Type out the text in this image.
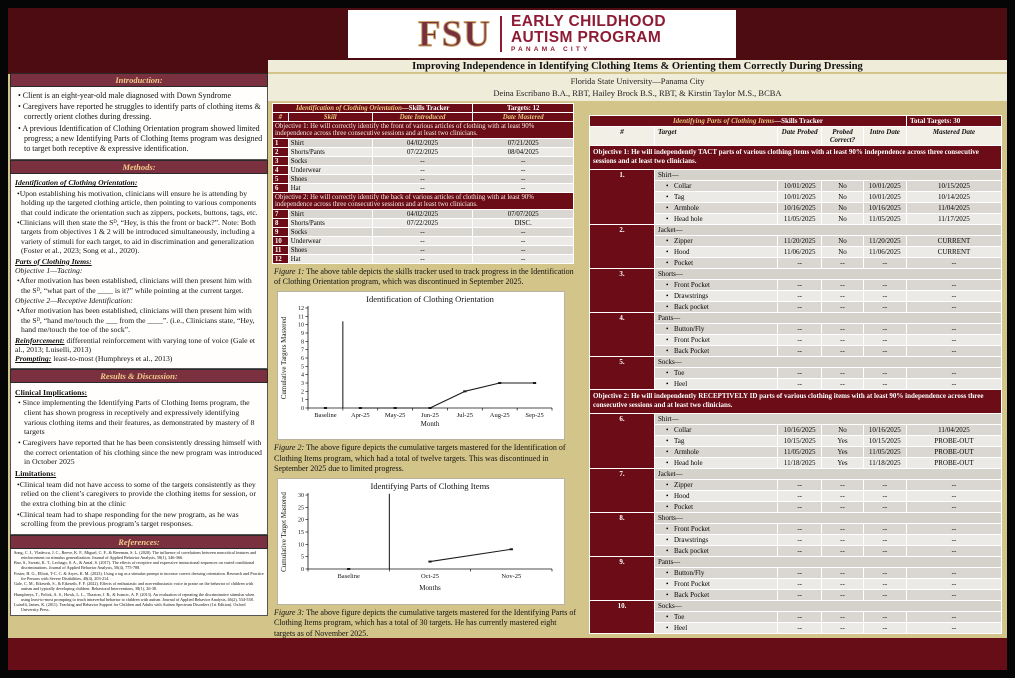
FSU EARLY CHILDHOOD
AUTISM PROGRAM
PANAMA CITY
Improving Independence in Identifying Clothing Items & Orienting them Correctly During Dressing
Florida State University—Panama City
Deina Escribano B.A., RBT, Hailey Brock B.S., RBT, & Kirstin Taylor M.S., BCBA
Introduction:
• Client is an eight-year-old male diagnosed with Down Syndrome
• Caregivers have reported he struggles to identify parts of clothing items & correctly orient clothes during dressing.
• A previous Identification of Clothing Orientation program showed limited progress; a new Identifying Parts of Clothing Items program was designed to target both receptive & expressive identification.
Methods:
Identification of Clothing Orientation:
•Upon establishing his motivation, clinicians will ensure he is attending by holding up the targeted clothing article, then pointing to various components that could indicate the orientation such as zippers, pockets, buttons, tags, etc.
•Clinicians will then state the Sᴰ, “Hey, is this the front or back?”. Note: Both targets from objectives 1 & 2 will be introduced simultaneously, including a variety of stimuli for each target, to aid in discrimination and generalization (Foster et al., 2023; Song et al., 2020).
Parts of Clothing Items:
Objective 1—Tacting:
•After motivation has been established, clinicians will then present him with the Sᴰ, “what part of the ____ is it?” while pointing at the current target.
Objective 2—Receptive Identification:
•After motivation has been established, clinicians will then present him with the Sᴰ, “hand me/touch the ___ from the ____”. (i.e., Clinicians state, “Hey, hand me/touch the toe of the sock”.
Reinforcement: differential reinforcement with varying tone of voice (Gale et al., 2013; Luiselli, 2013)
Prompting: least-to-most (Humphreys et al., 2013)
Results & Discussion:
Clinical Implications:
• Since implementing the Identifying Parts of Clothing Items program, the client has shown progress in receptively and expressively identifying various clothing items and their features, as demonstrated by mastery of 8 targets
• Caregivers have reported that he has been consistently dressing himself with the correct orientation of his clothing since the new program was introduced in October 2025
Limitations:
•Clinical team did not have access to some of the targets consistently as they relied on the client’s caregivers to provide the clothing items for session, or the extra clothing bin at the clinic
•Clinical team had to shape responding for the new program, as he was scrolling from the previous program’s target responses.
References:
Song, C. J., Vladescu, J. C., Reeve, K. F., Miguel, C. F., & Breeman, S. L. (2020). The influence of correlations between noncritical features and reinforcement on stimulus generalization. Journal of Applied Behavior Analysis, 58(1), 346-366.
Bao, S., Sweatt, K. T., Lechago, S. A., & Antal, S. (2017). The effects of receptive and expressive instructional sequences on varied conditional discriminations. Journal of Applied Behavior Analysis, 50(4), 775-788.
Foster, H. G., Elliott, T-C. C. & Aryes, K. M. (2023). Using a tag as a stimulus prompt to increase correct dressing orientation. Research and Practice for Persons with Severe Disabilities, 48(4), 203-214.
Gale, C. M., Eikeseth, S., & Eikeseth, F. F. (2022). Effects of enthusiastic and non-enthusiastic voice in praise on the behavior of children with autism and typically developing children. Behavioral Interventions, 38(1), 26-38.
Humphreys, T., Polick, A. S., Howk, L. L., Thaxton, J. R., & Ivancic, A. P. (2013). An evaluation of repeating the discriminative stimulus when using least-to-most prompting to teach intraverbal behavior to children with autism. Journal of Applied Behavior Analysis, 46(2), 534-538.
Luiselli, James, K. (2011). Teaching and Behavior Support for Children and Adults with Autism Spectrum Disorders (1st Edition). Oxford University Press.
Identification of Clothing Orientation—Skills Tracker			Targets: 12
#	Skill	Date Introduced	Date Mastered
Objective 1: He will correctly identify the front of various articles of clothing with at least 90% independence across three consecutive sessions and at least two clinicians.			
1	Shirt	04/02/2025	07/21/2025
2	Shorts/Pants	07/22/2025	08/04/2025
3	Socks	--	--
4	Underwear	--	--
5	Shoes	--	--
6	Hat	--	--
Objective 2: He will correctly identify the back of various articles of clothing with at least 90% independence across three consecutive sessions and at least two clinicians.			
7	Shirt	04/02/2025	07/07/2025
8	Shorts/Pants	07/22/2025	DISC.
9	Socks	--	--
10	Underwear	--	--
11	Shoes	--	--
12	Hat	--	--
Figure 1: The above table depicts the skills tracker used to track progress in the Identification of Clothing Orientation program, which was discontinued in September 2025.
Identification of Clothing Orientation
0
1
2
3
4
5
6
7
8
9
10
11
12
Baseline Apr-25 May-25 Jun-25	Jul-25	Aug-25 Sep-25
Month
Cumulative Targets Mastered
Figure 2: The above figure depicts the cumulative targets mastered for the Identification of Clothing Items program, which had a total of twelve targets. This was discontinued in September 2025 due to limited progress.
Identifying Parts of Clothing Items
0
5
10
15
20
25
30
Baseline	Oct-25	Nov-25
Months
Cumulative Target Mastered
Figure 3: The above figure depicts the cumulative targets mastered for the Identifying Parts of Clothing Items program, which has a total of 30 targets. He has currently mastered eight targets as of November 2025.
Identifying Parts of Clothing Items—Skills Tracker					Total Targets: 30
#	Target	Date Probed	Probed Correct?	Intro Date	Mastered Date
Objective 1: He will independently TACT parts of various clothing items with at least 90% independence across three consecutive sessions and at least two clinicians.					
1.	Shirt—				
	• Collar	10/01/2025	No	10/01/2025	10/15/2025
	• Tag	10/01/2025	No	10/01/2025	10/14/2025
	• Armhole	10/16/2025	No	10/16/2025	11/04/2025
	• Head hole	11/05/2025	No	11/05/2025	11/17/2025
2.	Jacket—				
	• Zipper	11/20/2025	No	11/20/2025	CURRENT
	• Hood	11/06/2025	No	11/06/2025	CURRENT
	• Pocket	--	--	--	--
3.	Shorts—				
	• Front Pocket	--	--	--	--
	• Drawstrings	--	--	--	--
	• Back pocket	--	--	--	--
4.	Pants—				
	• Button/Fly	--	--	--	--
	• Front Pocket	--	--	--	--
	• Back Pocket	--	--	--	--
5.	Socks—				
	• Toe	--	--	--	--
	• Heel	--	--	--	--
Objective 2: He will independently RECEPTIVELY ID parts of various clothing items with at least 90% independence across three consecutive sessions and at least two clinicians.					
6.	Shirt—				
	• Collar	10/16/2025	No	10/16/2025	11/04/2025
	• Tag	10/15/2025	Yes	10/15/2025	PROBE-OUT
	• Armhole	11/05/2025	Yes	11/05/2025	PROBE-OUT
	• Head hole	11/18/2025	Yes	11/18/2025	PROBE-OUT
7.	Jacket—				
	• Zipper	--	--	--	--
	• Hood	--	--	--	--
	• Pocket	--	--	--	--
8.	Shorts—				
	• Front Pocket	--	--	--	--
	• Drawstrings	--	--	--	--
	• Back pocket	--	--	--	--
9.	Pants—				
	• Button/Fly	--	--	--	--
	• Front Pocket	--	--	--	--
	• Back Pocket	--	--	--	--
10.	Socks—				
	• Toe	--	--	--	--
	• Heel	--	--	--	--
